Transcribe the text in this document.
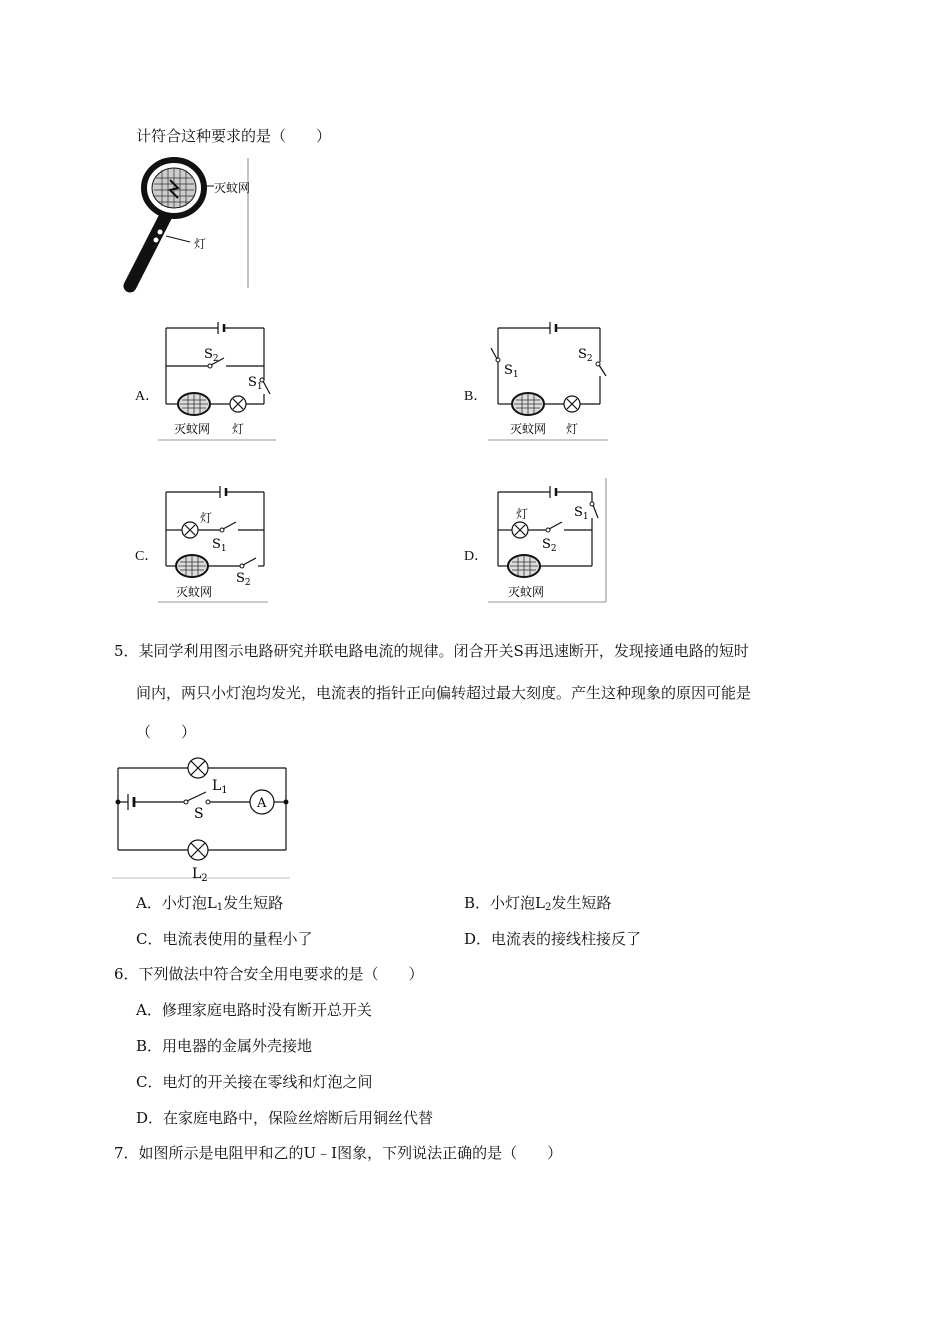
计符合这种要求的是（　　）
灭蚊网
灯
A．
$S_2$
$S_1$
灭蚊网 灯
B．
$S_1$
$S_2$
灭蚊网 灯
C．
灯
$S_1$
$S_2$
灭蚊网
D．
灯	$S_1$
$S_2$
灭蚊网
5．某同学利用图示电路研究并联电路电流的规律。闭合开关S再迅速断开，发现接通电路的短时
间内，两只小灯泡均发光，电流表的指针正向偏转超过最大刻度。产生这种现象的原因可能是
（　　）
A
$L_1$
S
$L_2$
A．小灯泡$L_1$发生短路	B．小灯泡$L_2$发生短路
C．电流表使用的量程小了	D．电流表的接线柱接反了
6．下列做法中符合安全用电要求的是（　　）
A．修理家庭电路时没有断开总开关
B．用电器的金属外壳接地
C．电灯的开关接在零线和灯泡之间
D．在家庭电路中，保险丝熔断后用铜丝代替
7．如图所示是电阻甲和乙的U﹣I图象，下列说法正确的是（　　）
